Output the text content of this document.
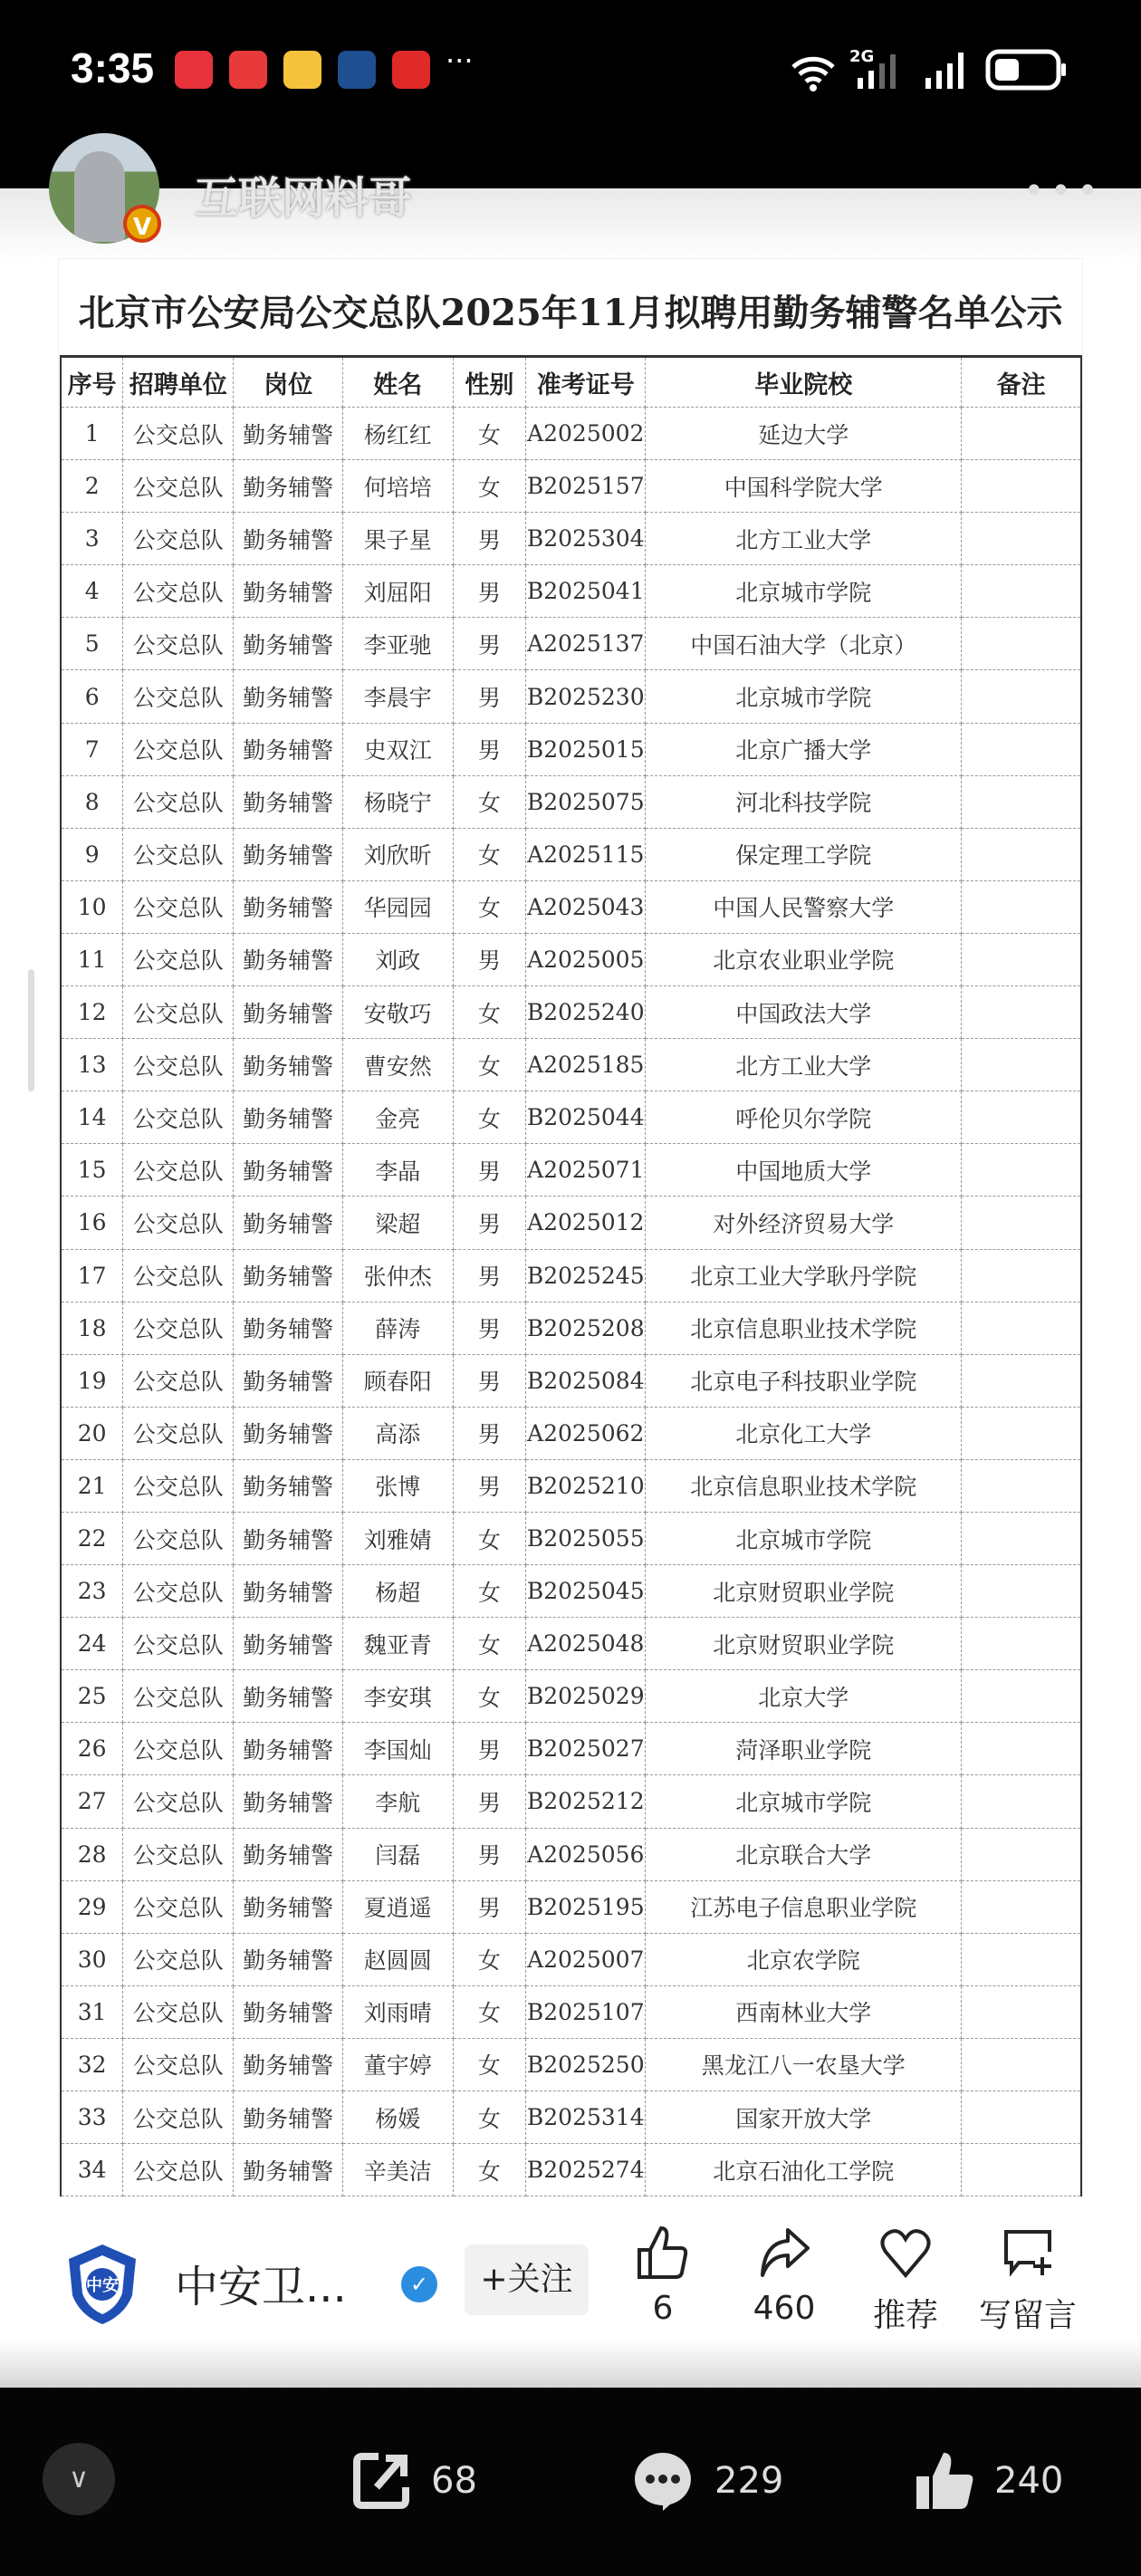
3:35	···	2G
V
互联网料哥	•••
北京市公安局公交总队2025年11月拟聘用勤务辅警名单公示
序号	招聘单位	岗位	姓名	性别	准考证号	毕业院校	备注
1	公交总队	勤务辅警	杨红红	女	A2025002	延边大学	
2	公交总队	勤务辅警	何培培	女	B2025157	中国科学院大学	
3	公交总队	勤务辅警	果子星	男	B2025304	北方工业大学	
4	公交总队	勤务辅警	刘屈阳	男	B2025041	北京城市学院	
5	公交总队	勤务辅警	李亚驰	男	A2025137	中国石油大学（北京）	
6	公交总队	勤务辅警	李晨宇	男	B2025230	北京城市学院	
7	公交总队	勤务辅警	史双江	男	B2025015	北京广播大学	
8	公交总队	勤务辅警	杨晓宁	女	B2025075	河北科技学院	
9	公交总队	勤务辅警	刘欣昕	女	A2025115	保定理工学院	
10	公交总队	勤务辅警	华园园	女	A2025043	中国人民警察大学	
11	公交总队	勤务辅警	刘政	男	A2025005	北京农业职业学院	
12	公交总队	勤务辅警	安敬巧	女	B2025240	中国政法大学	
13	公交总队	勤务辅警	曹安然	女	A2025185	北方工业大学	
14	公交总队	勤务辅警	金亮	女	B2025044	呼伦贝尔学院	
15	公交总队	勤务辅警	李晶	男	A2025071	中国地质大学	
16	公交总队	勤务辅警	梁超	男	A2025012	对外经济贸易大学	
17	公交总队	勤务辅警	张仲杰	男	B2025245	北京工业大学耿丹学院	
18	公交总队	勤务辅警	薛涛	男	B2025208	北京信息职业技术学院	
19	公交总队	勤务辅警	顾春阳	男	B2025084	北京电子科技职业学院	
20	公交总队	勤务辅警	高添	男	A2025062	北京化工大学	
21	公交总队	勤务辅警	张博	男	B2025210	北京信息职业技术学院	
22	公交总队	勤务辅警	刘雅婧	女	B2025055	北京城市学院	
23	公交总队	勤务辅警	杨超	女	B2025045	北京财贸职业学院	
24	公交总队	勤务辅警	魏亚青	女	A2025048	北京财贸职业学院	
25	公交总队	勤务辅警	李安琪	女	B2025029	北京大学	
26	公交总队	勤务辅警	李国灿	男	B2025027	菏泽职业学院	
27	公交总队	勤务辅警	李航	男	B2025212	北京城市学院	
28	公交总队	勤务辅警	闫磊	男	A2025056	北京联合大学	
29	公交总队	勤务辅警	夏逍遥	男	B2025195	江苏电子信息职业学院	
30	公交总队	勤务辅警	赵圆圆	女	A2025007	北京农学院	
31	公交总队	勤务辅警	刘雨晴	女	B2025107	西南林业大学	
32	公交总队	勤务辅警	董宇婷	女	B2025250	黑龙江八一农垦大学	
33	公交总队	勤务辅警	杨媛	女	B2025314	国家开放大学	
34	公交总队	勤务辅警	辛美洁	女	B2025274	北京石油化工学院	
中安 中安卫...	✓	+关注
6	460	推荐	写留言
∨	68	229	240
